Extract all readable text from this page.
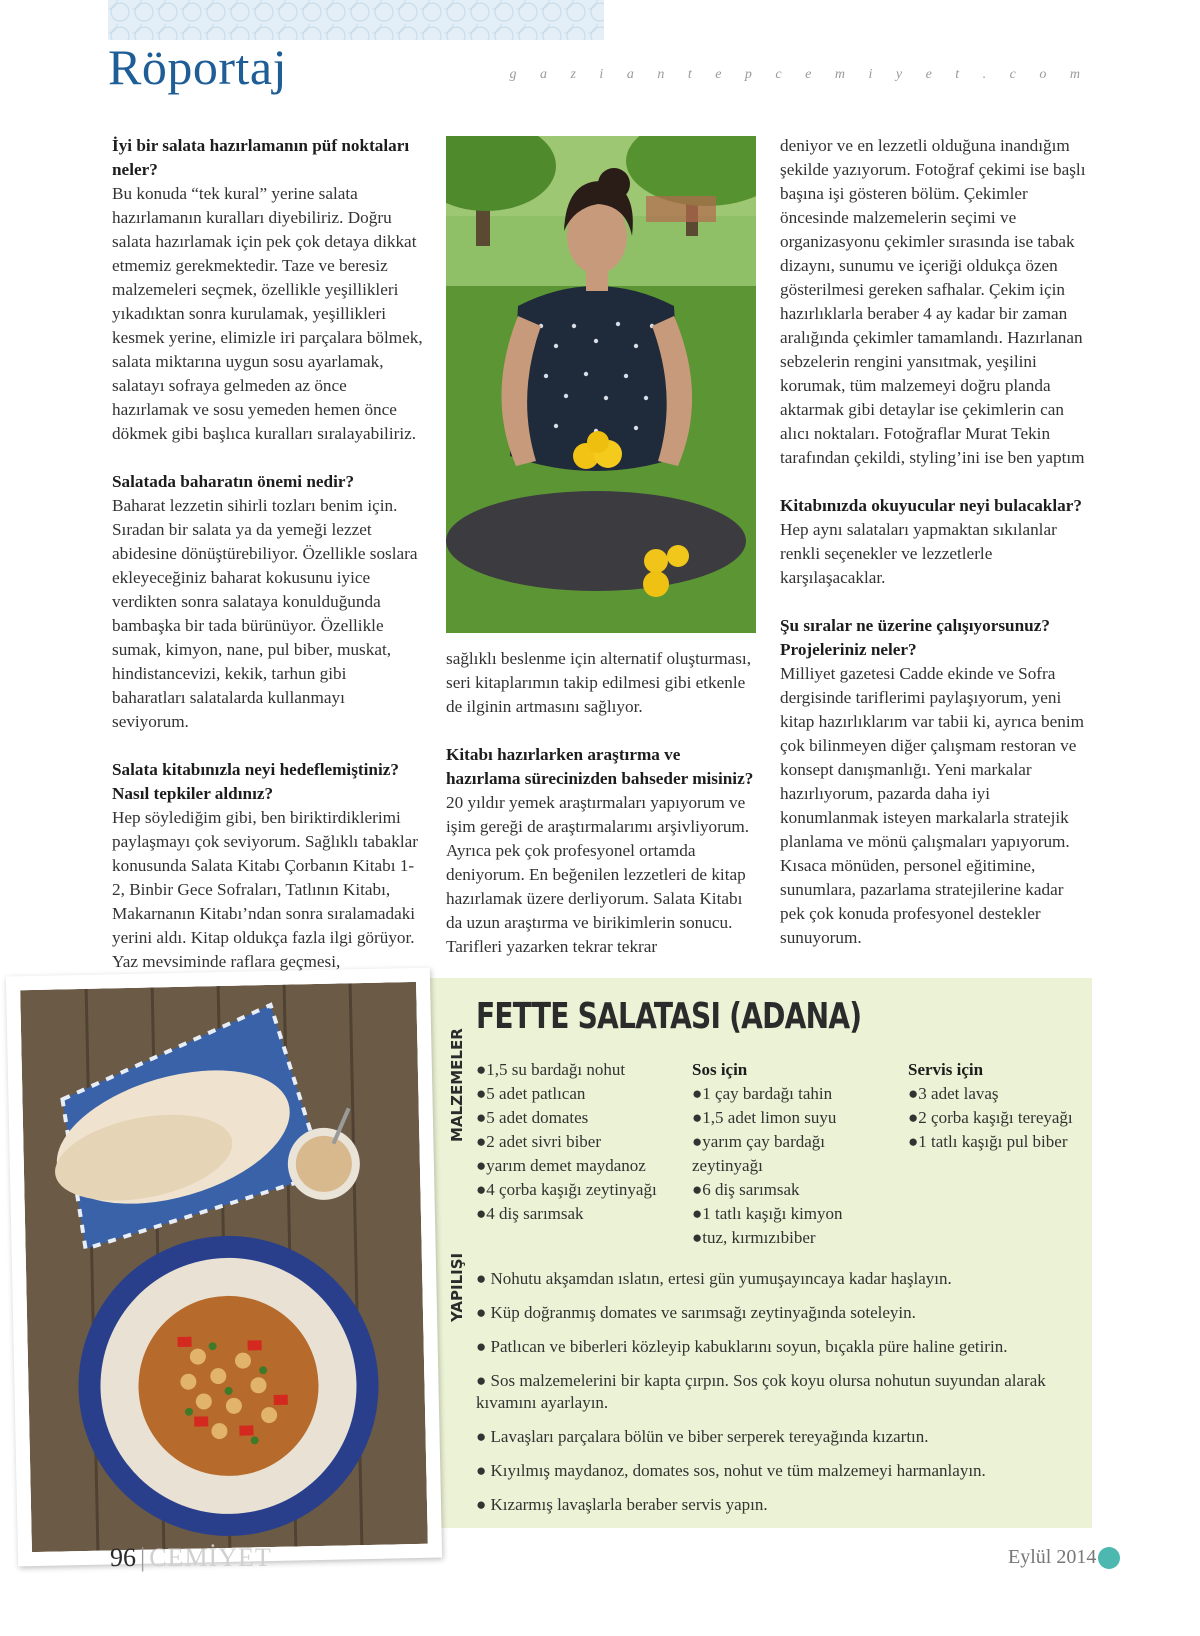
Röportaj	g a z i a n t e p c e m i y e t . c o m

İyi bir salata hazırlamanın püf noktaları neler?
Bu konuda “tek kural” yerine salata hazırlamanın kuralları diyebiliriz. Doğru salata hazırlamak için pek çok detaya dikkat etmemiz gerekmektedir. Taze ve beresiz malzemeleri seçmek, özellikle yeşillikleri yıkadıktan sonra kurulamak, yeşillikleri kesmek yerine, elimizle iri parçalara bölmek, salata miktarına uygun sosu ayarlamak, salatayı sofraya gelmeden az önce hazırlamak ve sosu yemeden hemen önce dökmek gibi başlıca kuralları sıralayabiliriz.

Salatada baharatın önemi nedir?
Baharat lezzetin sihirli tozları benim için. Sıradan bir salata ya da yemeği lezzet abidesine dönüştürebiliyor. Özellikle soslara ekleyeceğiniz baharat kokusunu iyice verdikten sonra salataya konulduğunda bambaşka bir tada bürünüyor. Özellikle sumak, kimyon, nane, pul biber, muskat, hindistancevizi, kekik, tarhun gibi baharatları salatalarda kullanmayı seviyorum.

Salata kitabınızla neyi hedeflemiştiniz? Nasıl tepkiler aldınız?
Hep söylediğim gibi, ben biriktirdiklerimi paylaşmayı çok seviyorum. Sağlıklı tabaklar konusunda Salata Kitabı Çorbanın Kitabı 1- 2, Binbir Gece Sofraları, Tatlının Kitabı, Makarnanın Kitabı’ndan sonra sıralamadaki yerini aldı. Kitap oldukça fazla ilgi görüyor. Yaz mevsiminde raflara geçmesi,

sağlıklı beslenme için alternatif oluşturması, seri kitaplarımın takip edilmesi gibi etkenle de ilginin artmasını sağlıyor.

Kitabı hazırlarken araştırma ve hazırlama sürecinizden bahseder misiniz?
20 yıldır yemek araştırmaları yapıyorum ve işim gereği de araştırmalarımı arşivliyorum. Ayrıca pek çok profesyonel ortamda deniyorum. En beğenilen lezzetleri de kitap hazırlamak üzere derliyorum. Salata Kitabı da uzun araştırma ve birikimlerin sonucu. Tarifleri yazarken tekrar tekrar

deniyor ve en lezzetli olduğuna inandığım şekilde yazıyorum. Fotoğraf çekimi ise başlı başına işi gösteren bölüm. Çekimler öncesinde malzemelerin seçimi ve organizasyonu çekimler sırasında ise tabak dizaynı, sunumu ve içeriği oldukça özen gösterilmesi gereken safhalar. Çekim için hazırlıklarla beraber 4 ay kadar bir zaman aralığında çekimler tamamlandı. Hazırlanan sebzelerin rengini yansıtmak, yeşilini korumak, tüm malzemeyi doğru planda aktarmak gibi detaylar ise çekimlerin can alıcı noktaları. Fotoğraflar Murat Tekin tarafından çekildi, styling’ini ise ben yaptım

Kitabınızda okuyucular neyi bulacaklar?
Hep aynı salataları yapmaktan sıkılanlar renkli seçenekler ve lezzetlerle karşılaşacaklar.

Şu sıralar ne üzerine çalışıyorsunuz? Projeleriniz neler?
Milliyet gazetesi Cadde ekinde ve Sofra dergisinde tariflerimi paylaşıyorum, yeni kitap hazırlıklarım var tabii ki, ayrıca benim çok bilinmeyen diğer çalışmam restoran ve konsept danışmanlığı. Yeni markalar hazırlıyorum, pazarda daha iyi konumlanmak isteyen markalarla stratejik planlama ve mönü çalışmaları yapıyorum. Kısaca mönüden, personel eğitimine, sunumlara, pazarlama stratejilerine kadar pek çok konuda profesyonel destekler sunuyorum.

FETTE SALATASI (ADANA)
MALZEMELER
YAPILIŞI
●1,5 su bardağı nohut
●5 adet patlıcan
●5 adet domates
●2 adet sivri biber
●yarım demet maydanoz
●4 çorba kaşığı zeytinyağı
●4 diş sarımsak
Sos için
●1 çay bardağı tahin
●1,5 adet limon suyu
●yarım çay bardağı zeytinyağı
●6 diş sarımsak
●1 tatlı kaşığı kimyon
●tuz, kırmızıbiber
Servis için
●3 adet lavaş
●2 çorba kaşığı tereyağı
●1 tatlı kaşığı pul biber
● Nohutu akşamdan ıslatın, ertesi gün yumuşayıncaya kadar haşlayın.
● Küp doğranmış domates ve sarımsağı zeytinyağında soteleyin.
● Patlıcan ve biberleri közleyip kabuklarını soyun, bıçakla püre haline getirin.
● Sos malzemelerini bir kapta çırpın. Sos çok koyu olursa nohutun suyundan alarak kıvamını ayarlayın.
● Lavaşları parçalara bölün ve biber serperek tereyağında kızartın.
● Kıyılmış maydanoz, domates sos, nohut ve tüm malzemeyi harmanlayın.
● Kızarmış lavaşlarla beraber servis yapın.
96 | CEMİYET	Eylül 2014
